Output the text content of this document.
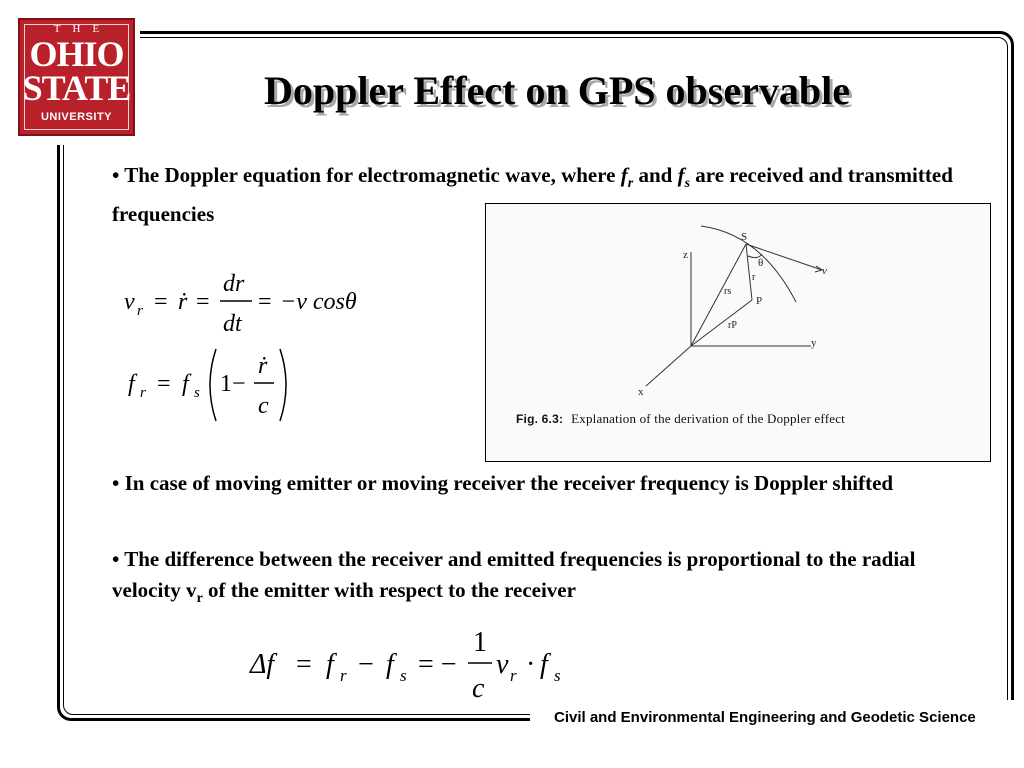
THE
OHIO
STATE
UNIVERSITY
Doppler Effect on GPS observable
• The Doppler equation for electromagnetic wave, where $f_r$ and $f_s$ are received and transmitted frequencies
v r = ṙ =
dr
dt
= −v cosθ
f r = f s 1−
ṙ
c
z
y
x
S
P
v
θ
r
rs
rP
Fig. 6.3: Explanation of the derivation of the Doppler effect
• In case of moving emitter or moving receiver the receiver frequency is Doppler shifted
• The difference between the receiver and emitted frequencies is proportional to the radial velocity $v_r$ of the emitter with respect to the receiver
Δf = f r − f s = −
1
c
v r · f s
Civil and Environmental Engineering and Geodetic Science
